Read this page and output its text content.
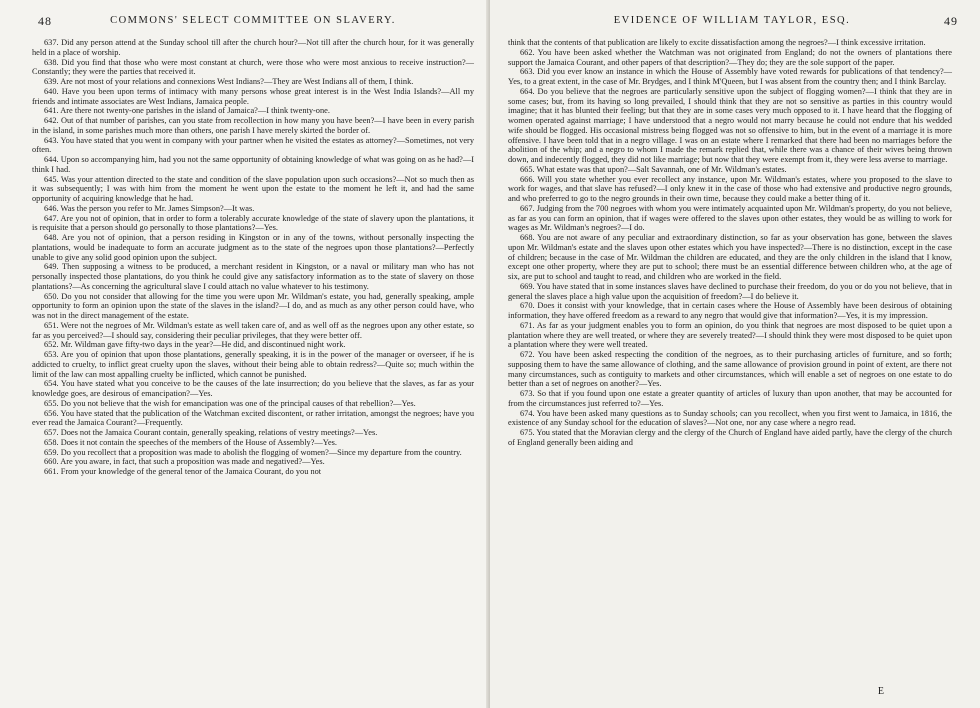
48	COMMONS' SELECT COMMITTEE ON SLAVERY.

637. Did any person attend at the Sunday school till after the church hour?—Not till after the church hour, for it was generally held in a place of worship.

638. Did you find that those who were most constant at church, were those who were most anxious to receive instruction?—Constantly; they were the parties that received it.

639. Are not most of your relations and connexions West Indians?—They are West Indians all of them, I think.

640. Have you been upon terms of intimacy with many persons whose great interest is in the West India Islands?—All my friends and intimate associates are West Indians, Jamaica people.

641. Are there not twenty-one parishes in the island of Jamaica?—I think twenty-one.

642. Out of that number of parishes, can you state from recollection in how many you have been?—I have been in every parish in the island, in some parishes much more than others, one parish I have merely skirted the border of.

643. You have stated that you went in company with your partner when he visited the estates as attorney?—Sometimes, not very often.

644. Upon so accompanying him, had you not the same opportunity of obtaining knowledge of what was going on as he had?—I think I had.

645. Was your attention directed to the state and condition of the slave population upon such occasions?—Not so much then as it was subsequently; I was with him from the moment he went upon the estate to the moment he left it, and had the same opportunity of acquiring knowledge that he had.

646. Was the person you refer to Mr. James Simpson?—It was.

647. Are you not of opinion, that in order to form a tolerably accurate knowledge of the state of slavery upon the plantations, it is requisite that a person should go personally to those plantations?—Yes.

648. Are you not of opinion, that a person residing in Kingston or in any of the towns, without personally inspecting the plantations, would be inadequate to form an accurate judgment as to the state of the negroes upon those plantations?—Perfectly unable to give any solid good opinion upon the subject.

649. Then supposing a witness to be produced, a merchant resident in Kingston, or a naval or military man who has not personally inspected those plantations, do you think he could give any satisfactory information as to the state of slavery on those plantations?—As concerning the agricultural slave I could attach no value whatever to his testimony.

650. Do you not consider that allowing for the time you were upon Mr. Wildman's estate, you had, generally speaking, ample opportunity to form an opinion upon the state of the slaves in the island?—I do, and as much as any other person could have, who was not in the direct management of the estate.

651. Were not the negroes of Mr. Wildman's estate as well taken care of, and as well off as the negroes upon any other estate, so far as you perceived?—I should say, considering their peculiar privileges, that they were better off.

652. Mr. Wildman gave fifty-two days in the year?—He did, and discontinued night work.

653. Are you of opinion that upon those plantations, generally speaking, it is in the power of the manager or overseer, if he is addicted to cruelty, to inflict great cruelty upon the slaves, without their being able to obtain redress?—Quite so; much within the limit of the law can most appalling cruelty be inflicted, which cannot be punished.

654. You have stated what you conceive to be the causes of the late insurrection; do you believe that the slaves, as far as your knowledge goes, are desirous of emancipation?—Yes.

655. Do you not believe that the wish for emancipation was one of the principal causes of that rebellion?—Yes.

656. You have stated that the publication of the Watchman excited discontent, or rather irritation, amongst the negroes; have you ever read the Jamaica Courant?—Frequently.

657. Does not the Jamaica Courant contain, generally speaking, relations of vestry meetings?—Yes.

658. Does it not contain the speeches of the members of the House of Assembly?—Yes.

659. Do you recollect that a proposition was made to abolish the flogging of women?—Since my departure from the country.

660. Are you aware, in fact, that such a proposition was made and negatived?—Yes.

661. From your knowledge of the general tenor of the Jamaica Courant, do you not

EVIDENCE OF WILLIAM TAYLOR, ESQ.	49

think that the contents of that publication are likely to excite dissatisfaction among the negroes?—I think excessive irritation.

662. You have been asked whether the Watchman was not originated from England; do not the owners of plantations there support the Jamaica Courant, and other papers of that description?—They do; they are the sole support of the paper.

663. Did you ever know an instance in which the House of Assembly have voted rewards for publications of that tendency?—Yes, to a great extent, in the case of Mr. Brydges, and I think M'Queen, but I was absent from the country then; and I think Barclay.

664. Do you believe that the negroes are particularly sensitive upon the subject of flogging women?—I think that they are in some cases; but, from its having so long prevailed, I should think that they are not so sensitive as parties in this country would imagine; that it has blunted their feeling; but that they are in some cases very much opposed to it. I have heard that the flogging of women operated against marriage; I have understood that a negro would not marry because he could not endure that his wedded wife should be flogged. His occasional mistress being flogged was not so offensive to him, but in the event of a marriage it is more offensive. I have been told that in a negro village. I was on an estate where I remarked that there had been no marriages before the abolition of the whip; and a negro to whom I made the remark replied that, while there was a chance of their wives being thrown down, and indecently flogged, they did not like marriage; but now that they were exempt from it, they were less averse to marriage.

665. What estate was that upon?—Salt Savannah, one of Mr. Wildman's estates.

666. Will you state whether you ever recollect any instance, upon Mr. Wildman's estates, where you proposed to the slave to work for wages, and that slave has refused?—I only knew it in the case of those who had extensive and productive negro grounds, and who preferred to go to the negro grounds in their own time, because they could make a better thing of it.

667. Judging from the 700 negroes with whom you were intimately acquainted upon Mr. Wildman's property, do you not believe, as far as you can form an opinion, that if wages were offered to the slaves upon other estates, they would be as willing to work for wages as Mr. Wildman's negroes?—I do.

668. You are not aware of any peculiar and extraordinary distinction, so far as your observation has gone, between the slaves upon Mr. Wildman's estate and the slaves upon other estates which you have inspected?—There is no distinction, except in the case of children; because in the case of Mr. Wildman the children are educated, and they are the only children in the island that I know, except one other property, where they are put to school; there must be an essential difference between children who, at the age of six, are put to school and taught to read, and children who are worked in the field.

669. You have stated that in some instances slaves have declined to purchase their freedom, do you or do you not believe, that in general the slaves place a high value upon the acquisition of freedom?—I do believe it.

670. Does it consist with your knowledge, that in certain cases where the House of Assembly have been desirous of obtaining information, they have offered freedom as a reward to any negro that would give that information?—Yes, it is my impression.

671. As far as your judgment enables you to form an opinion, do you think that negroes are most disposed to be quiet upon a plantation where they are well treated, or where they are severely treated?—I should think they were most disposed to be quiet upon a plantation where they were well treated.

672. You have been asked respecting the condition of the negroes, as to their purchasing articles of furniture, and so forth; supposing them to have the same allowance of clothing, and the same allowance of provision ground in point of extent, are there not many circumstances, such as contiguity to markets and other circumstances, which will enable a set of negroes on one estate to do better than a set of negroes on another?—Yes.

673. So that if you found upon one estate a greater quantity of articles of luxury than upon another, that may be accounted for from the circumstances just referred to?—Yes.

674. You have been asked many questions as to Sunday schools; can you recollect, when you first went to Jamaica, in 1816, the existence of any Sunday school for the education of slaves?—Not one, nor any case where a negro read.

675. You stated that the Moravian clergy and the clergy of the Church of England have aided partly, have the clergy of the church of England generally been aiding and

E
